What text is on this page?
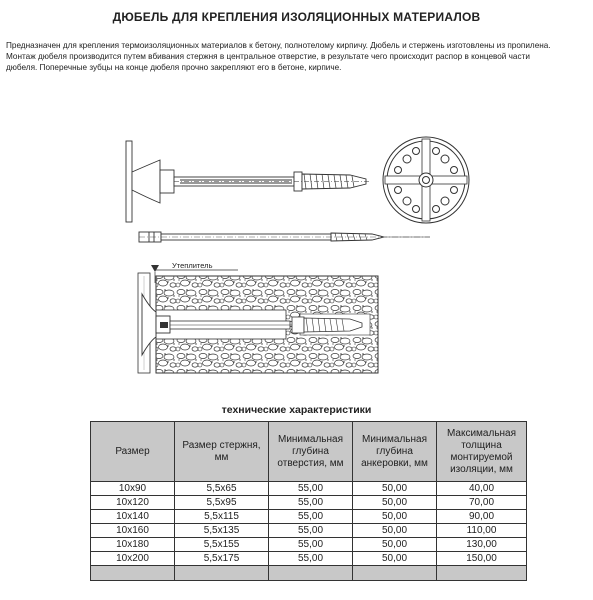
ДЮБЕЛЬ ДЛЯ КРЕПЛЕНИЯ ИЗОЛЯЦИОННЫХ МАТЕРИАЛОВ

Предназначен для крепления термоизоляционных материалов к бетону, полнотелому кирпичу. Дюбель и стержень изготовлены из пропилена.

Монтаж дюбеля производится путем вбивания стержня в центральное отверстие, в результате чего происходит распор в концевой части

дюбеля. Поперечные зубцы на конце дюбеля прочно закрепляют его в бетоне, кирпиче.

Утеплитель
технические характеристики
Размер	Размер стержня, мм	Минимальная глубина отверстия, мм	Минимальная глубина анкеровки, мм	Максимальная толщина монтируемой изоляции, мм
10x90	5,5x65	55,00	50,00	40,00
10x120	5,5x95	55,00	50,00	70,00
10x140	5,5x115	55,00	50,00	90,00
10x160	5,5x135	55,00	50,00	110,00
10x180	5,5x155	55,00	50,00	130,00
10x200	5,5x175	55,00	50,00	150,00
